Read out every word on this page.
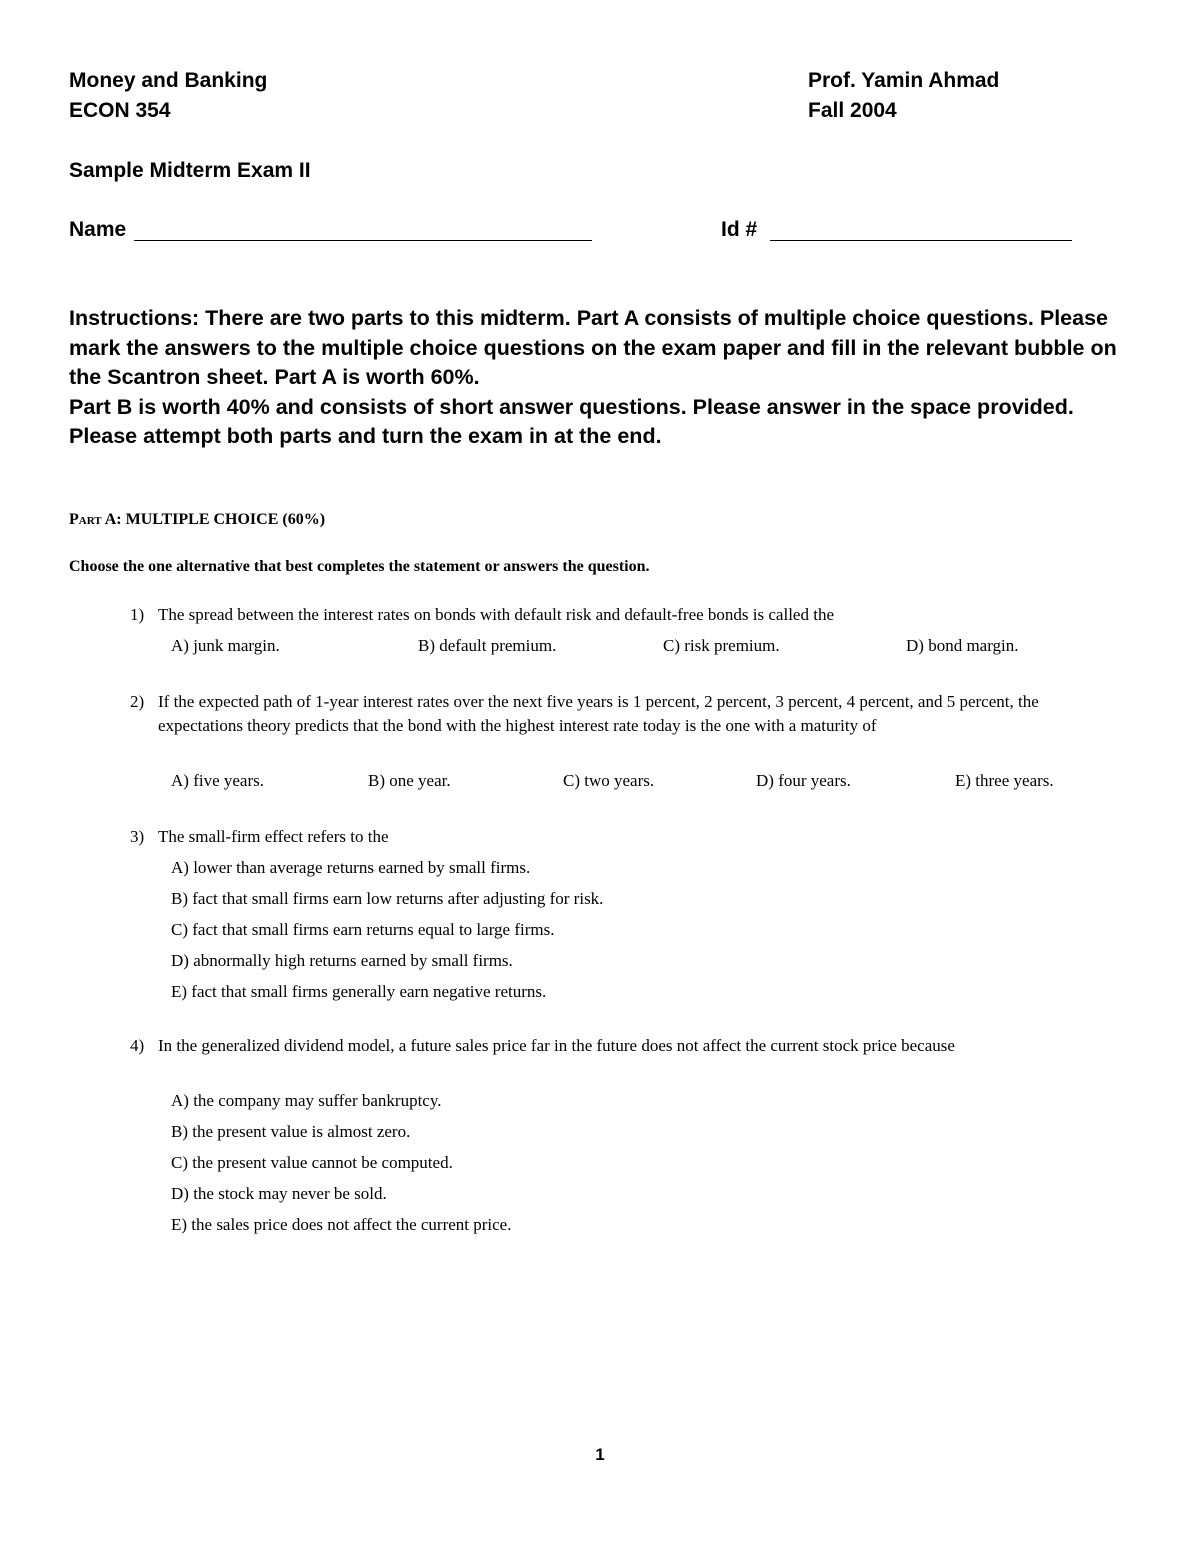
Money and Banking
ECON 354
Prof. Yamin Ahmad
Fall 2004
Sample Midterm Exam II
Name	Id #

Instructions: There are two parts to this midterm. Part A consists of multiple choice questions. Please mark the answers to the multiple choice questions on the exam paper and fill in the relevant bubble on the Scantron sheet. Part A is worth 60%.

Part B is worth 40% and consists of short answer questions. Please answer in the space provided. Please attempt both parts and turn the exam in at the end.

Part A: MULTIPLE CHOICE (60%)
Choose the one alternative that best completes the statement or answers the question.
1) The spread between the interest rates on bonds with default risk and default-free bonds is called the
A) junk margin.	B) default premium.	C) risk premium.	D) bond margin.
2) If the expected path of 1-year interest rates over the next five years is 1 percent, 2 percent, 3 percent, 4 percent, and 5 percent, the expectations theory predicts that the bond with the highest interest rate today is the one with a maturity of
A) five years.	B) one year.	C) two years.	D) four years.	E) three years.
3) The small-firm effect refers to the
A) lower than average returns earned by small firms.
B) fact that small firms earn low returns after adjusting for risk.
C) fact that small firms earn returns equal to large firms.
D) abnormally high returns earned by small firms.
E) fact that small firms generally earn negative returns.
4) In the generalized dividend model, a future sales price far in the future does not affect the current stock price because
A) the company may suffer bankruptcy.
B) the present value is almost zero.
C) the present value cannot be computed.
D) the stock may never be sold.
E) the sales price does not affect the current price.
1
